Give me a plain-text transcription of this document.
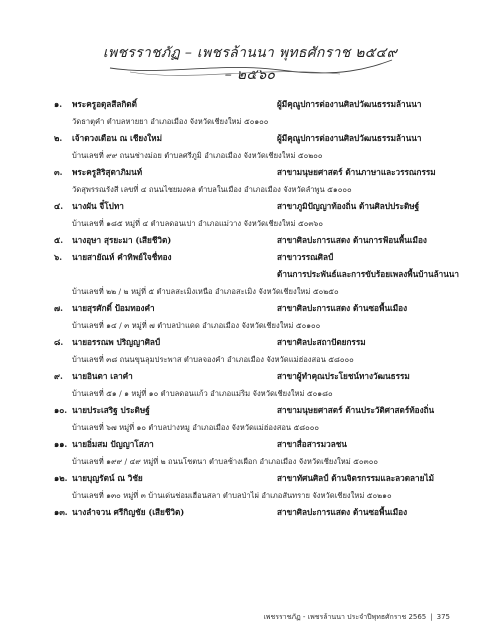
เพชรราชภัฏ – เพชรล้านนา พุทธศักราช ๒๕๔๙ – ๒๕๖๐
๑. พระครูอดุลสีลกิตติ์	ผู้มีคุณูปการต่องานศิลปวัฒนธรรมล้านนา
วัดธาตุคำ ตำบลหายยา อำเภอเมือง จังหวัดเชียงใหม่ ๕๐๑๐๐
๒. เจ้าดวงเดือน ณ เชียงใหม่	ผู้มีคุณูปการต่องานศิลปวัฒนธรรมล้านนา
บ้านเลขที่ ๙๙ ถนนช่างม่อย ตำบลศรีภูมิ อำเภอเมือง จังหวัดเชียงใหม่ ๕๐๒๐๐
๓. พระครูสิริสุตาภิมนท์	สาขามนุษยศาสตร์ ด้านภาษาและวรรณกรรม
วัดสุพรรณรังสี เลขที่ ๔ ถนนไชยมงคล ตำบลในเมือง อำเภอเมือง จังหวัดลำพูน ๕๑๐๐๐
๔. นางผัน จี๋โปทา	สาขาภูมิปัญญาท้องถิ่น ด้านศิลปประดิษฐ์
บ้านเลขที่ ๑๘๕ หมู่ที่ ๔ ตำบลดอนเปา อำเภอแม่วาง จังหวัดเชียงใหม่ ๕๐๓๖๐
๕. นางอุษา สุรยะมา (เสียชีวิต)	สาขาศิลปะการแสดง ด้านการฟ้อนพื้นเมือง
๖. นายสายัณห์ คำทิพย์ใจชื่ทอง	สาขาวรรณศิลป์
ด้านการประพันธ์และการขับร้อยเพลงพื้นบ้านล้านนา
บ้านเลขที่ ๒๒ / ๒ หมู่ที่ ๕ ตำบลสะเมิงเหนือ อำเภอสะเมิง จังหวัดเชียงใหม่ ๕๐๒๕๐
๗. นายสุรศักดิ์ ป้อมทองคำ	สาขาศิลปะการแสดง ด้านซอพื้นเมือง
บ้านเลขที่ ๑๔ / ๓ หมู่ที่ ๗ ตำบลป่าแดด อำเภอเมือง จังหวัดเชียงใหม่ ๕๐๑๐๐
๘. นายอรรณพ ปริญญาศิลป์	สาขาศิลปะสถาปัตยกรรม
บ้านเลขที่ ๓๘ ถนนขุนลุมประพาส ตำบลจองคำ อำเภอเมือง จังหวัดแม่ฮ่องสอน ๕๘๐๐๐
๙. นายอินตา เลาคำ	สาขาผู้ทำคุณประโยชน์ทางวัฒนธรรม
บ้านเลขที่ ๕๑ / ๑ หมู่ที่ ๑๐ ตำบลดอนแก้ว อำเภอแม่ริม จังหวัดเชียงใหม่ ๕๐๑๘๐
๑๐. นายประเสริฐ ประดิษฐ์	สาขามนุษยศาสตร์ ด้านประวัติศาสตร์ท้องถิ่น
บ้านเลขที่ ๖๗ หมู่ที่ ๑๐ ตำบลปางหมู อำเภอเมือง จังหวัดแม่ฮ่องสอน ๕๘๐๐๐
๑๑. นายอิ่มสม ปัญญาโสภา	สาขาสื่อสารมวลชน
บ้านเลขที่ ๑๙๙ / ๔๙ หมู่ที่ ๒ ถนนโชตนา ตำบลช้างเผือก อำเภอเมือง จังหวัดเชียงใหม่ ๕๐๓๐๐
๑๒. นายบุญรัตน์ ณ วิชัย	สาขาทัศนศิลป์ ด้านจิตรกรรมและลวดลายไม้
บ้านเลขที่ ๑๓๐ หมู่ที่ ๓ บ้านเด่นช่อมเฮือนสลา ตำบลป่าไผ่ อำเภอสันทราย จังหวัดเชียงใหม่ ๕๐๒๑๐
๑๓. นางลำจวน ศรีกิญชัย (เสียชีวิต)	สาขาศิลปะการแสดง ด้านซอพื้นเมือง
เพชรราชภัฏ - เพชรล้านนา ประจำปีพุทธศักราช 2565 | 375
